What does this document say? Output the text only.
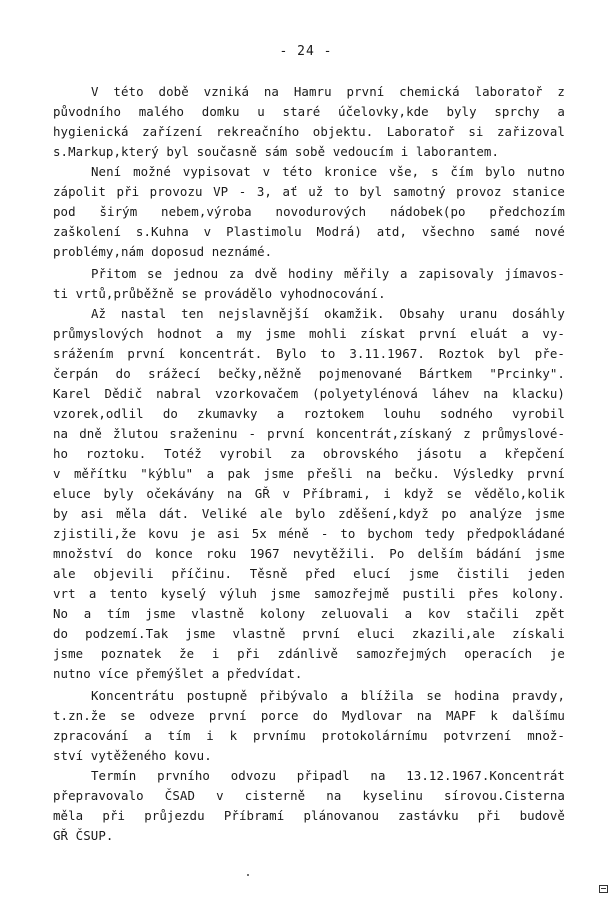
- 24 -
V této době vzniká na Hamru první chemická laboratoř z
původního malého domku u staré účelovky,kde byly sprchy a
hygienická zařízení rekreačního objektu. Laboratoř si zařizoval
s.Markup,který byl současně sám sobě vedoucím i laborantem.
Není možné vypisovat v této kronice vše, s čím bylo nutno
zápolit při provozu VP - 3, ať už to byl samotný provoz stanice
pod širým nebem,výroba novodurových nádobek(po předchozím
zaškolení s.Kuhna v Plastimolu Modrá) atd, všechno samé nové
problémy,nám doposud neznámé.
Přitom se jednou za dvě hodiny měřily a zapisovaly jímavos-
ti vrtů,průběžně se provádělo vyhodnocování.
Až nastal ten nejslavnější okamžik. Obsahy uranu dosáhly
průmyslových hodnot a my jsme mohli získat první eluát a vy-
srážením první koncentrát. Bylo to 3.11.1967. Roztok byl pře-
čerpán do srážecí bečky,něžně pojmenované Bártkem "Prcinky".
Karel Dědič nabral vzorkovačem (polyetylénová láhev na klacku)
vzorek,odlil do zkumavky a roztokem louhu sodného vyrobil
na dně žlutou sraženinu - první koncentrát,získaný z průmyslové-
ho roztoku. Totéž vyrobil za obrovského jásotu a křepčení
v měřítku "kýblu" a pak jsme přešli na bečku. Výsledky první
eluce byly očekávány na GŘ v Příbrami, i když se vědělo,kolik
by asi měla dát. Veliké ale bylo zděšení,když po analýze jsme
zjistili,že kovu je asi 5x méně - to bychom tedy předpokládané
množství do konce roku 1967 nevytěžili. Po delším bádání jsme
ale objevili příčinu. Těsně před elucí jsme čistili jeden
vrt a tento kyselý výluh jsme samozřejmě pustili přes kolony.
No a tím jsme vlastně kolony zeluovali a kov stačili zpět
do podzemí.Tak jsme vlastně první eluci zkazili,ale získali
jsme poznatek že i při zdánlivě samozřejmých operacích je
nutno více přemýšlet a předvídat.
Koncentrátu postupně přibývalo a blížila se hodina pravdy,
t.zn.že se odveze první porce do Mydlovar na MAPF k dalšímu
zpracování a tím i k prvnímu protokolárnímu potvrzení množ-
ství vytěženého kovu.
Termín prvního odvozu připadl na 13.12.1967.Koncentrát
přepravovalo ČSAD v cisterně na kyselinu sírovou.Cisterna
měla při průjezdu Příbramí plánovanou zastávku při budově
GŘ ČSUP.
